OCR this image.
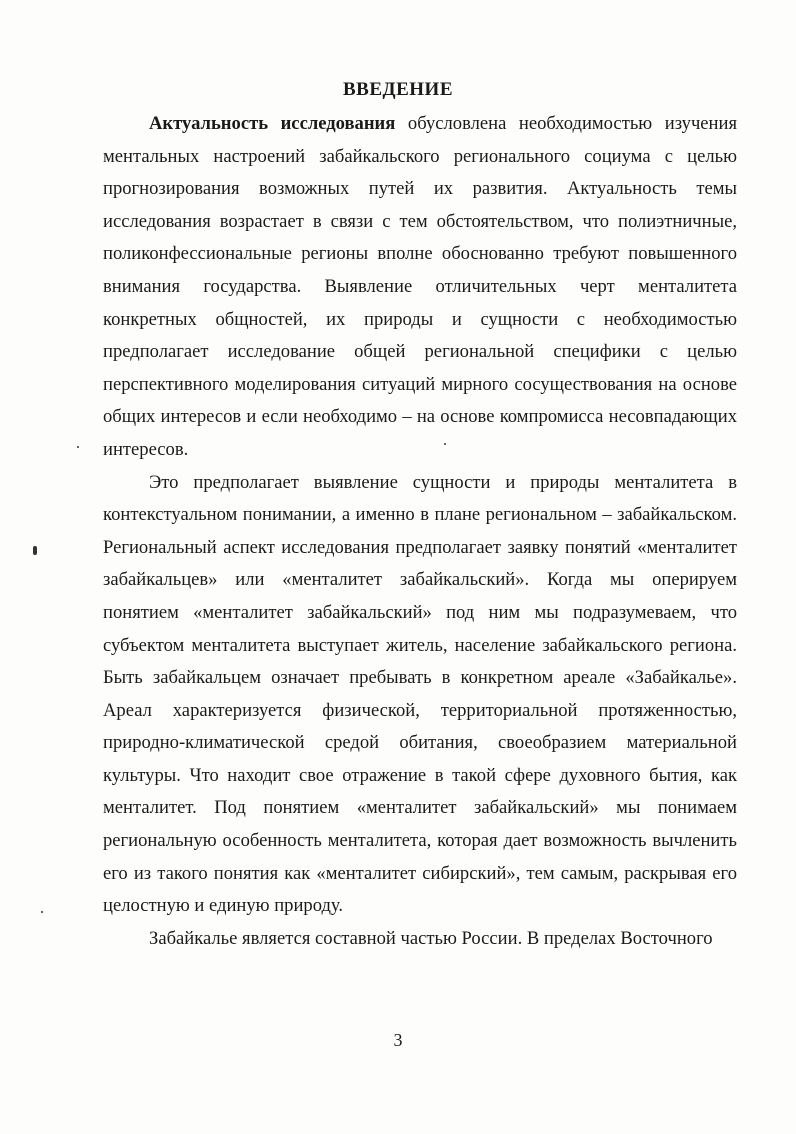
ВВЕДЕНИЕ

Актуальность исследования обусловлена необходимостью изучения ментальных настроений забайкальского регионального социума с целью прогнозирования возможных путей их развития. Актуальность темы исследования возрастает в связи с тем обстоятельством, что полиэтничные, поликонфессиональные регионы вполне обоснованно требуют повышенного внимания государства. Выявление отличительных черт менталитета конкретных общностей, их природы и сущности с необходимостью предполагает исследование общей региональной специфики с целью перспективного моделирования ситуаций мирного сосуществования на основе общих интересов и если необходимо – на основе компромисса несовпадающих интересов.

Это предполагает выявление сущности и природы менталитета в контекстуальном понимании, а именно в плане региональном – забайкальском. Региональный аспект исследования предполагает заявку понятий «менталитет забайкальцев» или «менталитет забайкальский». Когда мы оперируем понятием «менталитет забайкальский» под ним мы подразумеваем, что субъектом менталитета выступает житель, население забайкальского региона. Быть забайкальцем означает пребывать в конкретном ареале «Забайкалье». Ареал характеризуется физической, территориальной протяженностью, природно-климатической средой обитания, своеобразием материальной культуры. Что находит свое отражение в такой сфере духовного бытия, как менталитет. Под понятием «менталитет забайкальский» мы понимаем региональную особенность менталитета, которая дает возможность вычленить его из такого понятия как «менталитет сибирский», тем самым, раскрывая его целостную и единую природу.

Забайкалье является составной частью России. В пределах Восточного

3
